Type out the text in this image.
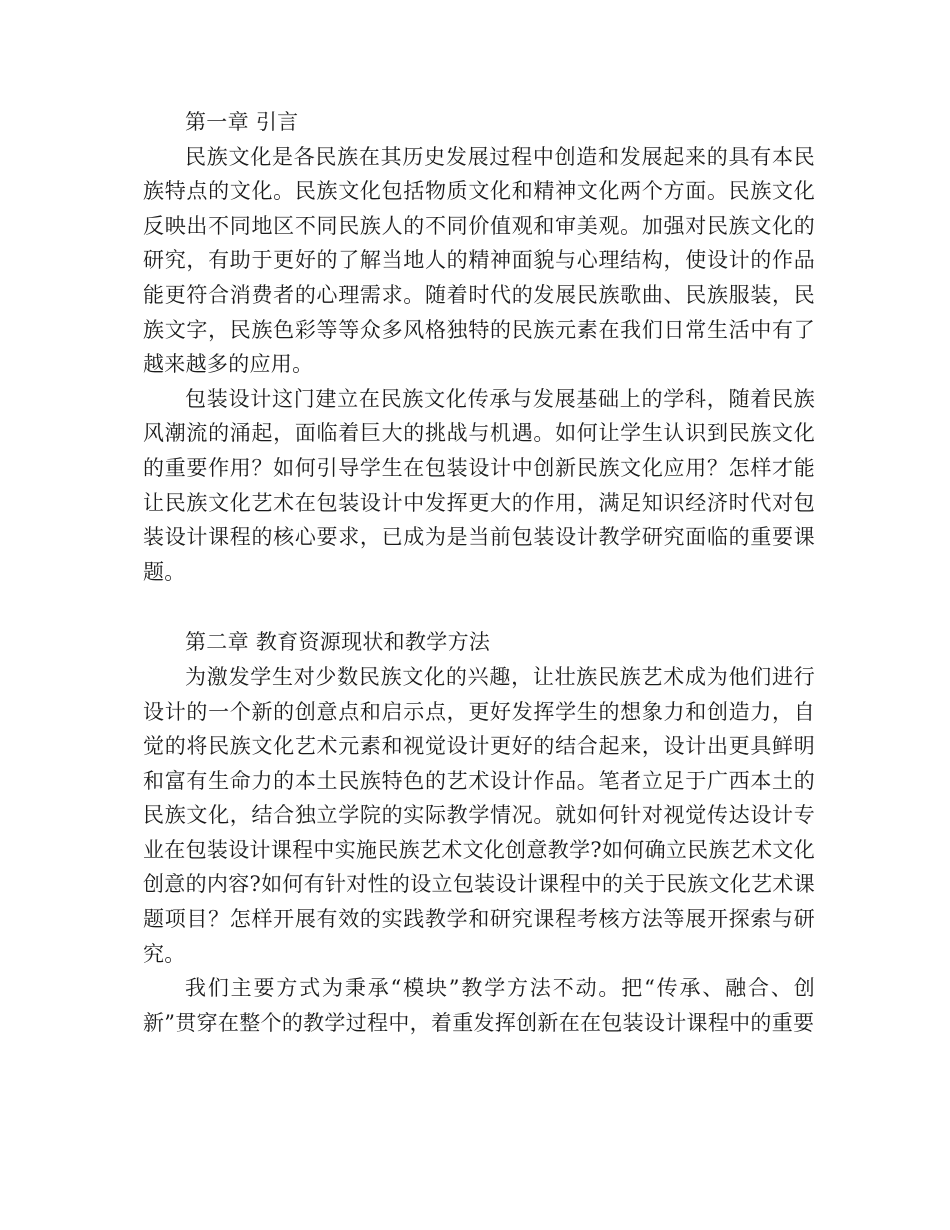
第一章 引言

民族文化是各民族在其历史发展过程中创造和发展起来的具有本民族特点的文化。民族文化包括物质文化和精神文化两个方面。民族文化反映出不同地区不同民族人的不同价值观和审美观。加强对民族文化的研究，有助于更好的了解当地人的精神面貌与心理结构，使设计的作品能更符合消费者的心理需求。随着时代的发展民族歌曲、民族服装，民族文字，民族色彩等等众多风格独特的民族元素在我们日常生活中有了越来越多的应用。

包装设计这门建立在民族文化传承与发展基础上的学科，随着民族风潮流的涌起，面临着巨大的挑战与机遇。如何让学生认识到民族文化的重要作用？如何引导学生在包装设计中创新民族文化应用？怎样才能让民族文化艺术在包装设计中发挥更大的作用，满足知识经济时代对包装设计课程的核心要求，已成为是当前包装设计教学研究面临的重要课题。

第二章 教育资源现状和教学方法

为激发学生对少数民族文化的兴趣，让壮族民族艺术成为他们进行设计的一个新的创意点和启示点，更好发挥学生的想象力和创造力，自觉的将民族文化艺术元素和视觉设计更好的结合起来，设计出更具鲜明和富有生命力的本土民族特色的艺术设计作品。笔者立足于广西本土的民族文化，结合独立学院的实际教学情况。就如何针对视觉传达设计专业在包装设计课程中实施民族艺术文化创意教学?如何确立民族艺术文化创意的内容?如何有针对性的设立包装设计课程中的关于民族文化艺术课题项目？怎样开展有效的实践教学和研究课程考核方法等展开探索与研究。

我们主要方式为秉承“模块”教学方法不动。把“传承、融合、创新”贯穿在整个的教学过程中，着重发挥创新在在包装设计课程中的重要
